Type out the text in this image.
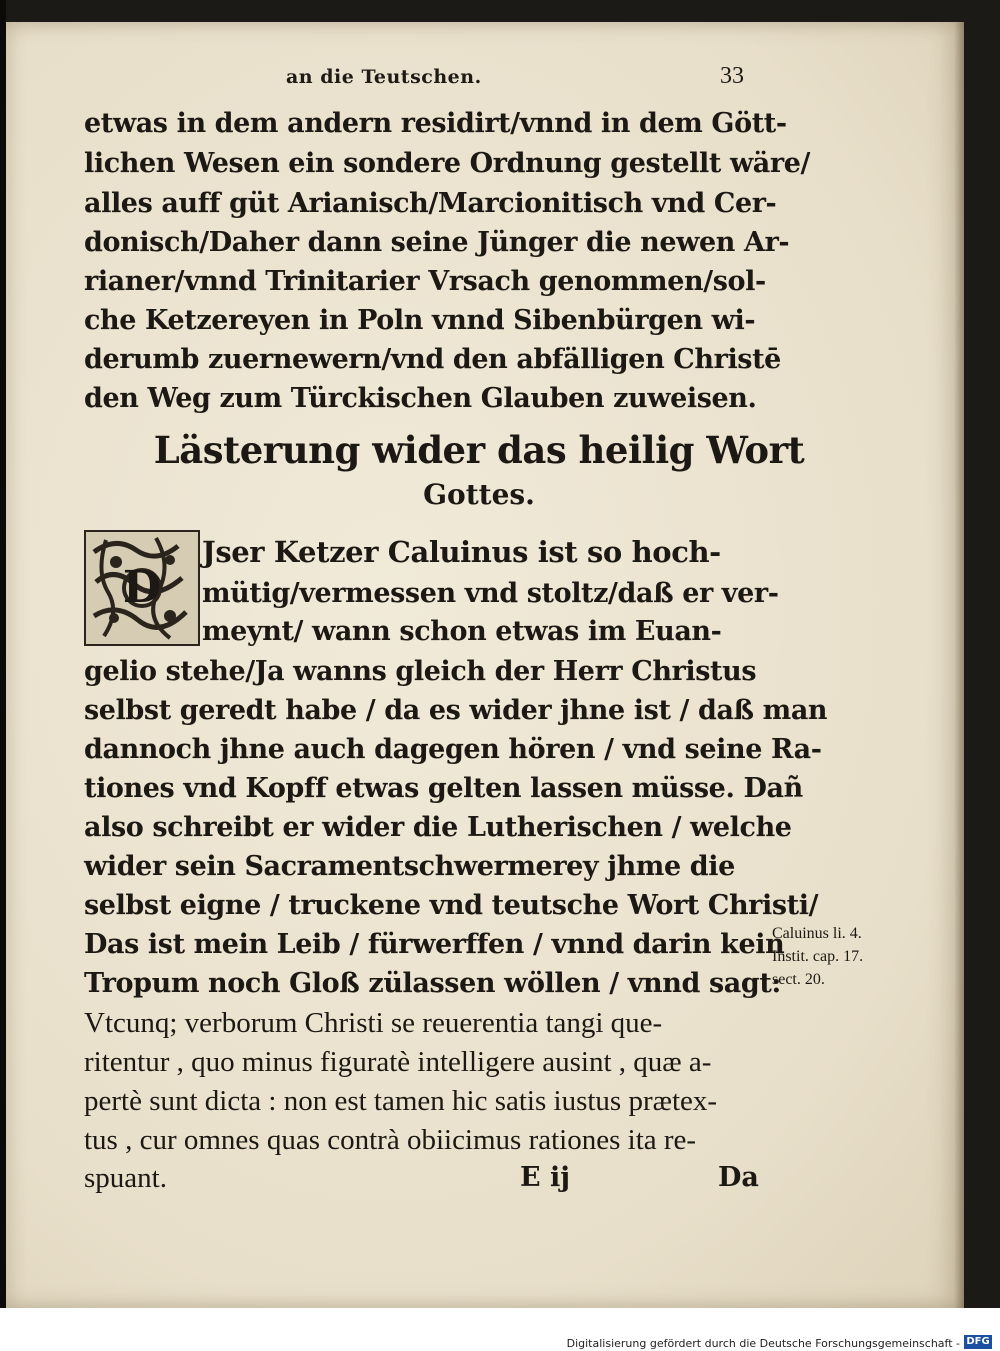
an die Teutschen.	33
etwas in dem andern residirt/vnnd in dem Gött-
lichen Wesen ein sondere Ordnung gestellt wäre/
alles auff güt Arianisch/Marcionitisch vnd Cer-
donisch/Daher dann seine Jünger die newen Ar-
rianer/vnnd Trinitarier Vrsach genommen/sol-
che Ketzereyen in Poln vnnd Sibenbürgen wi-
derumb zuernewern/vnd den abfälligen Christē
den Weg zum Türckischen Glauben zuweisen.
Lästerung wider das heilig Wort
Gottes.
D
Jser Ketzer Caluinus ist so hoch-
mütig/vermessen vnd stoltz/daß er ver-
meynt/ wann schon etwas im Euan-
gelio stehe/Ja wanns gleich der Herr Christus
selbst geredt habe / da es wider jhne ist / daß man
dannoch jhne auch dagegen hören / vnd seine Ra-
tiones vnd Kopff etwas gelten lassen müsse. Dañ
also schreibt er wider die Lutherischen / welche
wider sein Sacramentschwermerey jhme die
selbst eigne / truckene vnd teutsche Wort Christi/
Das ist mein Leib / fürwerffen / vnnd darin kein
Tropum noch Gloß zülassen wöllen / vnnd sagt:
Vtcunq; verborum Christi se reuerentia tangi que-
ritentur , quo minus figuratè intelligere ausint , quæ a-
pertè sunt dicta : non est tamen hic satis iustus prætex-
tus , cur omnes quas contrà obiicimus rationes ita re-
spuant.
Caluinus li. 4.
Instit. cap. 17.
sect. 20.
E ij	Da
Digitalisierung gefördert durch die Deutsche Forschungsgemeinschaft - DFG
